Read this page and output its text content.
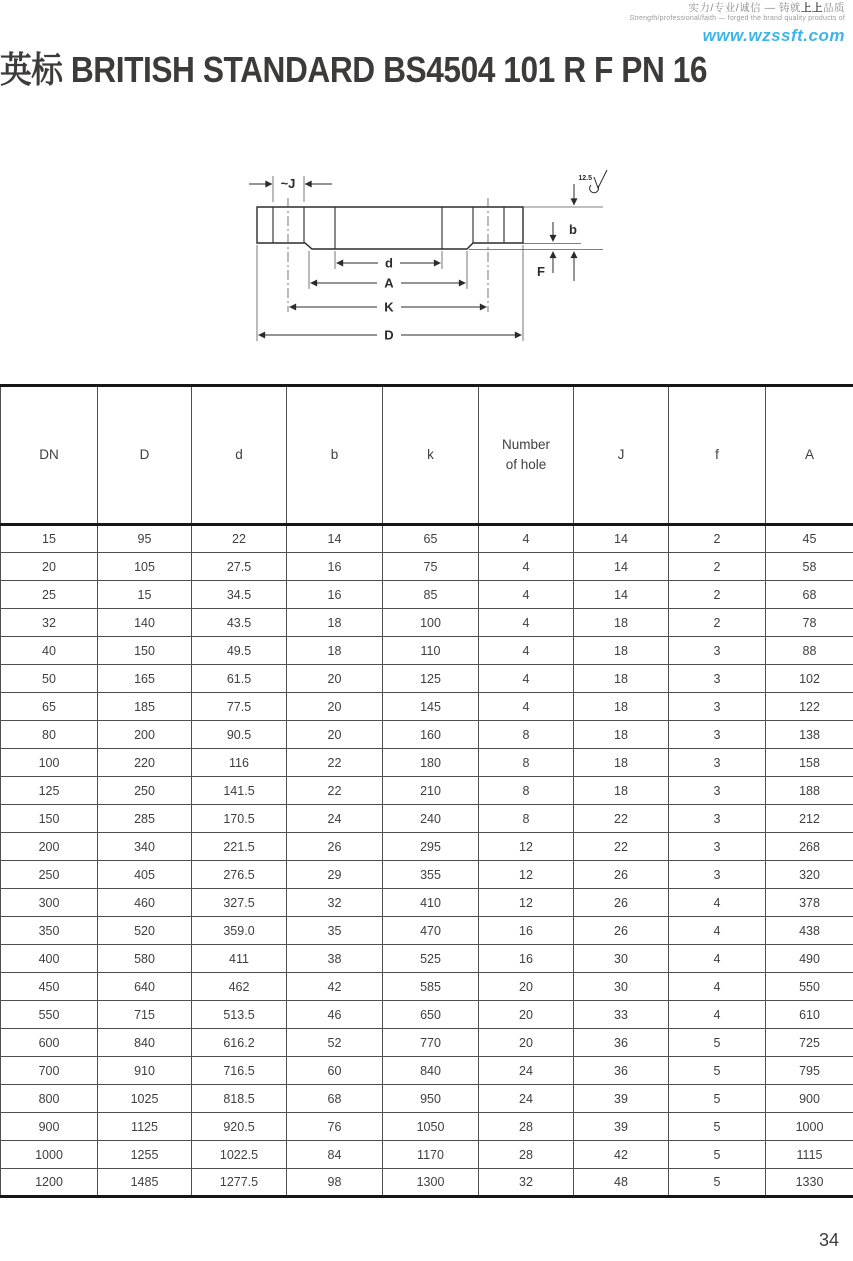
实力/专业/诚信 — 铸就上上品质
Strength/professional/faith — forged the brand quality products of
www.wzssft.com
英标 BRITISH STANDARD BS4504 101 R F PN 16
~J	12.5
b
F
d
A
K
D
DN	D	d	b	k	Number of hole	J	f	A

15	95	22	14	65	4	14	2	45
20	105	27.5	16	75	4	14	2	58
25	15	34.5	16	85	4	14	2	68
32	140	43.5	18	100	4	18	2	78
40	150	49.5	18	110	4	18	3	88
50	165	61.5	20	125	4	18	3	102
65	185	77.5	20	145	4	18	3	122
80	200	90.5	20	160	8	18	3	138
100	220	116	22	180	8	18	3	158
125	250	141.5	22	210	8	18	3	188
150	285	170.5	24	240	8	22	3	212
200	340	221.5	26	295	12	22	3	268
250	405	276.5	29	355	12	26	3	320
300	460	327.5	32	410	12	26	4	378
350	520	359.0	35	470	16	26	4	438
400	580	411	38	525	16	30	4	490
450	640	462	42	585	20	30	4	550
550	715	513.5	46	650	20	33	4	610
600	840	616.2	52	770	20	36	5	725
700	910	716.5	60	840	24	36	5	795
800	1025	818.5	68	950	24	39	5	900
900	1125	920.5	76	1050	28	39	5	1000
1000	1255	1022.5	84	1170	28	42	5	1115
1200	1485	1277.5	98	1300	32	48	5	1330
34
